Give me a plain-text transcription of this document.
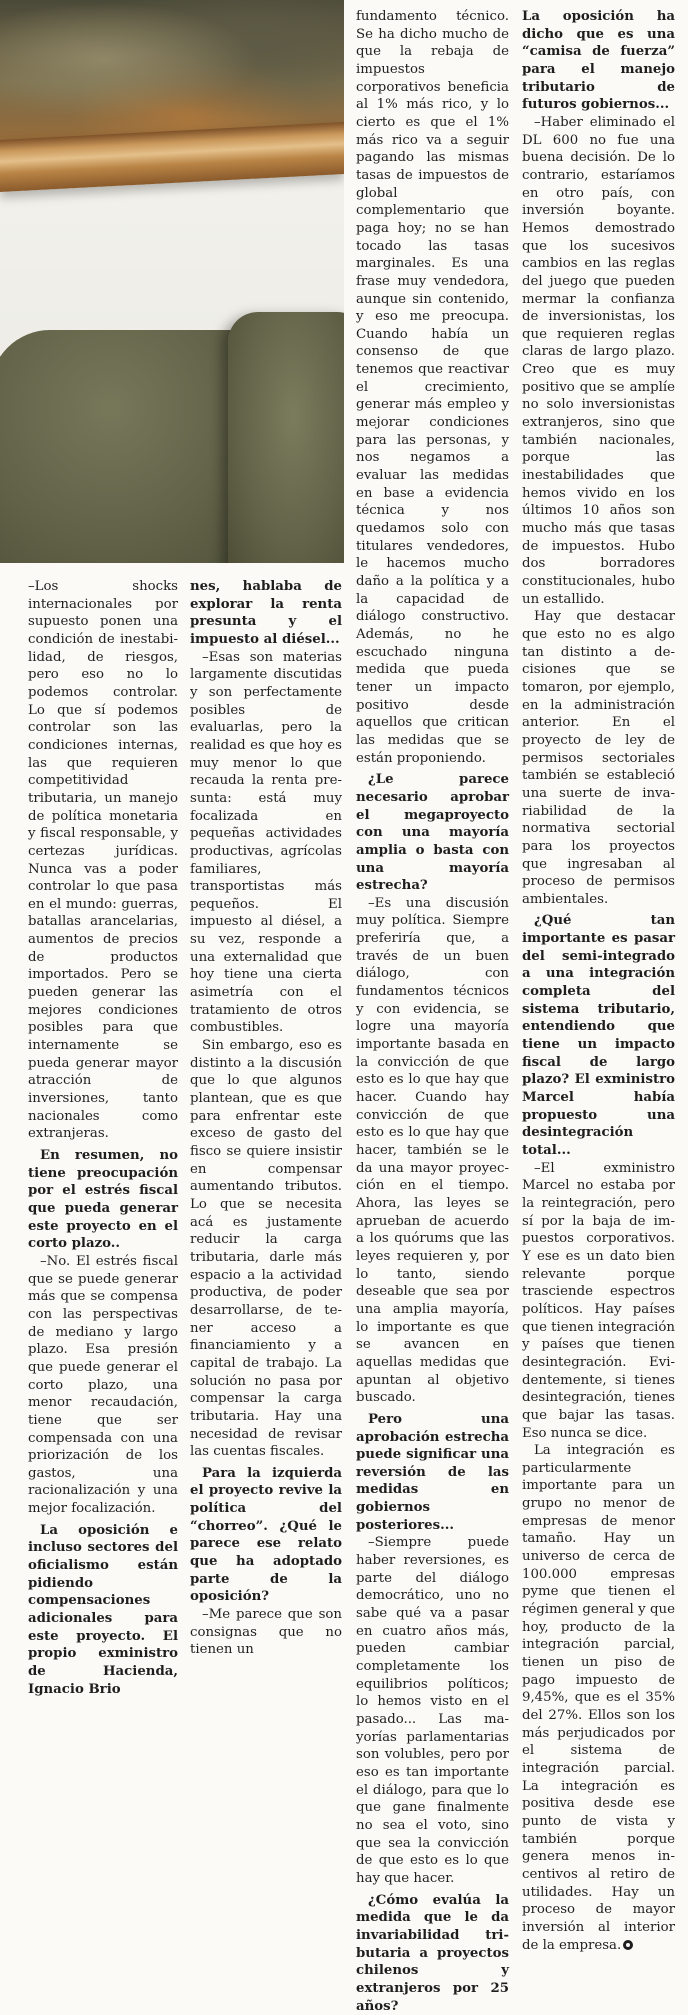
–Los shocks internacionales por supuesto ponen una condición de inestabilidad, de riesgos, pero eso no lo podemos controlar. Lo que sí podemos controlar son las condiciones internas, las que requieren competitividad tributaria, un manejo de política monetaria y fiscal responsable, y certezas jurídicas. Nunca vas a poder controlar lo que pasa en el mundo: guerras, batallas arancelarias, aumentos de precios de productos importados. Pero se pueden generar las mejores condiciones posibles para que internamente se pueda generar mayor atracción de inversiones, tanto nacionales como extranjeras.

En resumen, no tiene preocupación por el estrés fiscal que pueda generar este proyecto en el corto plazo..

–No. El estrés fiscal que se puede generar más que se compensa con las perspectivas de mediano y largo plazo. Esa presión que puede generar el corto plazo, una menor recaudación, tiene que ser compensada con una priorización de los gastos, una racionalización y una mejor focalización.

La oposición e incluso sectores del oficialismo están pidiendo compensaciones adicionales para este proyecto. El propio exministro de Hacienda, Ignacio Brio

nes, hablaba de explorar la renta presunta y el impuesto al diésel...

–Esas son materias largamente discutidas y son perfectamente posibles de evaluarlas, pero la realidad es que hoy es muy menor lo que recauda la renta presunta: está muy focalizada en pequeñas actividades productivas, agrícolas familiares, transportistas más pequeños. El impuesto al diésel, a su vez, responde a una externalidad que hoy tiene una cierta asimetría con el tratamiento de otros combustibles.

Sin embargo, eso es distinto a la discusión que lo que algunos plantean, que es que para enfrentar este exceso de gasto del fisco se quiere insistir en compensar aumentando tributos. Lo que se necesita acá es justamente reducir la carga tributaria, darle más espacio a la actividad productiva, de poder desarrollarse, de tener acceso a financiamiento y a capital de trabajo. La solución no pasa por compensar la carga tributaria. Hay una necesidad de revisar las cuentas fiscales.

Para la izquierda el proyecto revive la política del “chorreo”. ¿Qué le parece ese relato que ha adoptado parte de la oposición?

–Me parece que son consignas que no tienen un

fundamento técnico. Se ha dicho mucho de que la rebaja de impuestos corporativos beneficia al 1% más rico, y lo cierto es que el 1% más rico va a seguir pagando las mismas tasas de impuestos de global complementario que paga hoy; no se han tocado las tasas marginales. Es una frase muy vendedora, aunque sin contenido, y eso me preocupa. Cuando había un consenso de que tenemos que reactivar el crecimiento, generar más empleo y mejorar condiciones para las personas, y nos negamos a evaluar las medidas en base a evidencia técnica y nos quedamos solo con titulares vendedores, le hacemos mucho daño a la política y a la capacidad de diálogo constructivo. Además, no he escuchado ninguna medida que pueda tener un impacto positivo desde aquellos que critican las medidas que se están proponiendo.

¿Le parece necesario aprobar el megaproyecto con una mayoría amplia o basta con una mayoría estrecha?

–Es una discusión muy política. Siempre preferiría que, a través de un buen diálogo, con fundamentos técnicos y con evidencia, se logre una mayoría importante basada en la convicción de que esto es lo que hay que hacer. Cuando hay convicción de que esto es lo que hay que hacer, también se le da una mayor proyección en el tiempo. Ahora, las leyes se aprueban de acuerdo a los quórums que las leyes requieren y, por lo tanto, siendo deseable que sea por una amplia mayoría, lo importante es que se avancen en aquellas medidas que apuntan al objetivo buscado.

Pero una aprobación estrecha puede significar una reversión de las medidas en gobiernos posteriores...

–Siempre puede haber reversiones, es parte del diálogo democrático, uno no sabe qué va a pasar en cuatro años más, pueden cambiar completamente los equilibrios políticos; lo hemos visto en el pasado... Las mayorías parlamentarias son volubles, pero por eso es tan importante el diálogo, para que lo que gane finalmente no sea el voto, sino que sea la convicción de que esto es lo que hay que hacer.

¿Cómo evalúa la medida que le da invariabilidad tributaria a proyectos chilenos y extranjeros por 25 años?

La oposición ha dicho que es una “camisa de fuerza” para el manejo tributario de futuros gobiernos...

–Haber eliminado el DL 600 no fue una buena decisión. De lo contrario, estaríamos en otro país, con inversión boyante. Hemos demostrado que los sucesivos cambios en las reglas del juego que pueden mermar la confianza de inversionistas, los que requieren reglas claras de largo plazo. Creo que es muy positivo que se amplíe no solo inversionistas extranjeros, sino que también nacionales, porque las inestabilidades que hemos vivido en los últimos 10 años son mucho más que tasas de impuestos. Hubo dos borradores constitucionales, hubo un estallido.

Hay que destacar que esto no es algo tan distinto a decisiones que se tomaron, por ejemplo, en la administración anterior. En el proyecto de ley de permisos sectoriales también se estableció una suerte de invariabilidad de la normativa sectorial para los proyectos que ingresaban al proceso de permisos ambientales.

¿Qué tan importante es pasar del semi-integrado a una integración completa del sistema tributario, entendiendo que tiene un impacto fiscal de largo plazo? El exministro Marcel había propuesto una desintegración total...

–El exministro Marcel no estaba por la reintegración, pero sí por la baja de impuestos corporativos. Y ese es un dato bien relevante porque trasciende espectros políticos. Hay países que tienen integración y países que tienen desintegración. Evidentemente, si tienes desintegración, tienes que bajar las tasas. Eso nunca se dice.

La integración es particularmente importante para un grupo no menor de empresas de menor tamaño. Hay un universo de cerca de 100.000 empresas pyme que tienen el régimen general y que hoy, producto de la integración parcial, tienen un piso de pago impuesto de 9,45%, que es el 35% del 27%. Ellos son los más perjudicados por el sistema de integración parcial. La integración es positiva desde ese punto de vista y también porque genera menos incentivos al retiro de utilidades. Hay un proceso de mayor inversión al interior de la empresa.
